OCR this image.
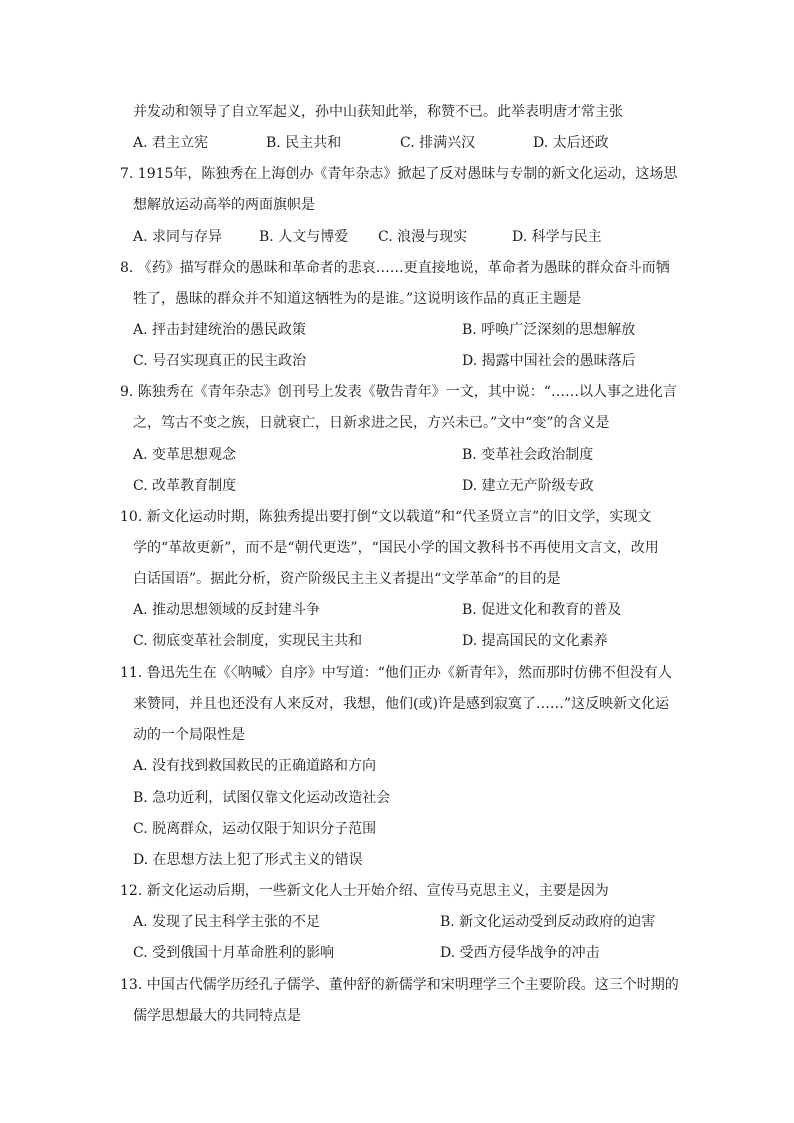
并发动和领导了自立军起义，孙中山获知此举，称赞不已。此举表明唐才常主张
A. 君主立宪	B. 民主共和	C. 排满兴汉	D. 太后还政
7. 1915年，陈独秀在上海创办《青年杂志》掀起了反对愚昧与专制的新文化运动，这场思
想解放运动高举的两面旗帜是
A. 求同与存异	B. 人文与博爱 C. 浪漫与现实	D. 科学与民主
8. 《药》描写群众的愚昧和革命者的悲哀……更直接地说，革命者为愚昧的群众奋斗而牺
牲了，愚昧的群众并不知道这牺牲为的是谁。”这说明该作品的真正主题是
A. 抨击封建统治的愚民政策	B. 呼唤广泛深刻的思想解放
C. 号召实现真正的民主政治	D. 揭露中国社会的愚昧落后
9. 陈独秀在《青年杂志》创刊号上发表《敬告青年》一文，其中说：“……以人事之进化言
之，笃古不变之族，日就衰亡，日新求进之民，方兴未已。”文中“变”的含义是
A. 变革思想观念	B. 变革社会政治制度
C. 改革教育制度	D. 建立无产阶级专政
10. 新文化运动时期，陈独秀提出要打倒“文以载道”和“代圣贤立言”的旧文学，实现文
学的“革故更新”，而不是“朝代更迭”，“国民小学的国文教科书不再使用文言文，改用
白话国语”。据此分析，资产阶级民主主义者提出“文学革命”的目的是
A. 推动思想领域的反封建斗争	B. 促进文化和教育的普及
C. 彻底变革社会制度，实现民主共和	D. 提高国民的文化素养
11. 鲁迅先生在《〈呐喊〉自序》中写道：“他们正办《新青年》，然而那时仿佛不但没有人
来赞同，并且也还没有人来反对，我想，他们(或)许是感到寂寞了……”这反映新文化运
动的一个局限性是
A. 没有找到救国救民的正确道路和方向
B. 急功近利，试图仅靠文化运动改造社会
C. 脱离群众，运动仅限于知识分子范围
D. 在思想方法上犯了形式主义的错误
12. 新文化运动后期，一些新文化人士开始介绍、宣传马克思主义，主要是因为
A. 发现了民主科学主张的不足	B. 新文化运动受到反动政府的迫害
C. 受到俄国十月革命胜利的影响	D. 受西方侵华战争的冲击
13. 中国古代儒学历经孔子儒学、董仲舒的新儒学和宋明理学三个主要阶段。这三个时期的
儒学思想最大的共同特点是
